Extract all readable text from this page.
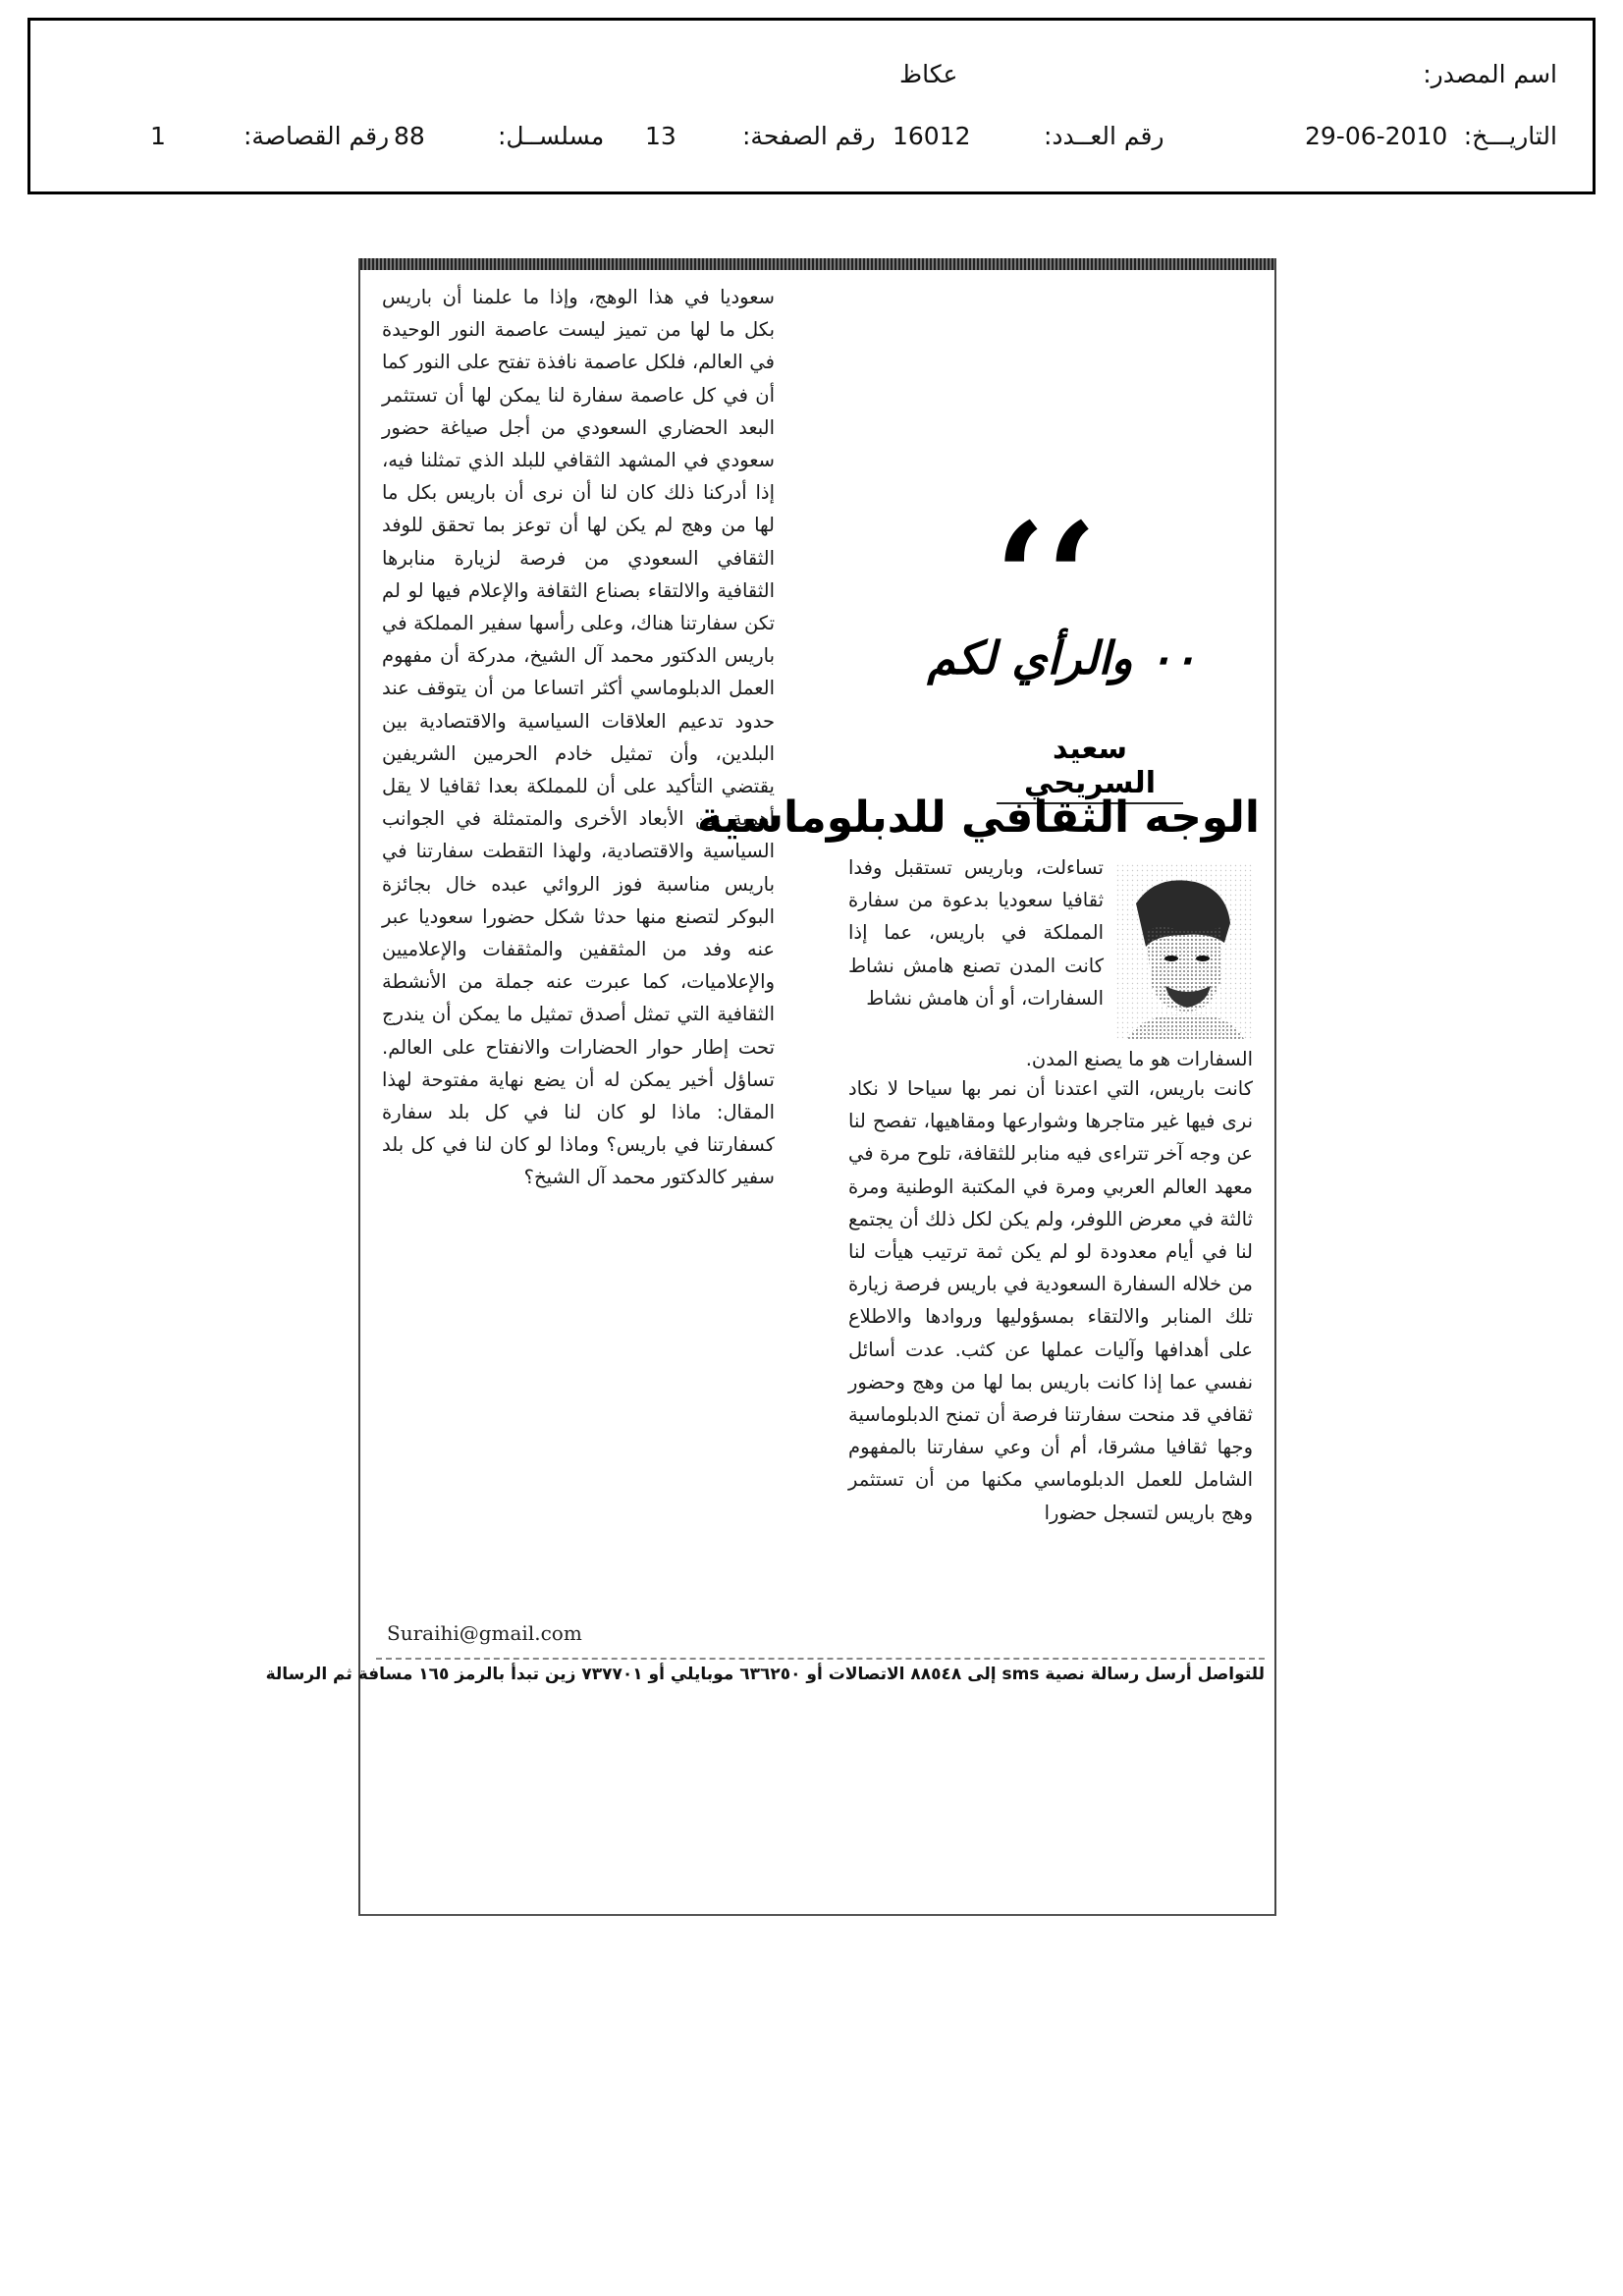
اسم المصدر:
عكاظ
التاريـــخ:
29-06-2010
رقم العــدد:
16012
رقم الصفحة:
13
مسلســل:
88
رقم القصاصة:
1
سعوديا في هذا الوهج، وإذا ما علمنا أن باريس بكل ما لها من تميز ليست عاصمة النور الوحيدة في العالم، فلكل عاصمة نافذة تفتح على النور كما أن في كل عاصمة سفارة لنا يمكن لها أن تستثمر البعد الحضاري السعودي من أجل صياغة حضور سعودي في المشهد الثقافي للبلد الذي تمثلنا فيه، إذا أدركنا ذلك كان لنا أن نرى أن باريس بكل ما لها من وهج لم يكن لها أن توعز بما تحقق للوفد الثقافي السعودي من فرصة لزيارة منابرها الثقافية والالتقاء بصناع الثقافة والإعلام فيها لو لم تكن سفارتنا هناك، وعلى رأسها سفير المملكة في باريس الدكتور محمد آل الشيخ، مدركة أن مفهوم العمل الدبلوماسي أكثر اتساعا من أن يتوقف عند حدود تدعيم العلاقات السياسية والاقتصادية بين البلدين، وأن تمثيل خادم الحرمين الشريفين يقتضي التأكيد على أن للمملكة بعدا ثقافيا لا يقل أهمية عن الأبعاد الأخرى والمتمثلة في الجوانب السياسية والاقتصادية، ولهذا التقطت سفارتنا في باريس مناسبة فوز الروائي عبده خال بجائزة البوكر لتصنع منها حدثا شكل حضورا سعوديا عبر عنه وفد من المثقفين والمثقفات والإعلاميين والإعلاميات، كما عبرت عنه جملة من الأنشطة الثقافية التي تمثل أصدق تمثيل ما يمكن أن يندرج تحت إطار حوار الحضارات والانفتاح على العالم. تساؤل أخير يمكن له أن يضع نهاية مفتوحة لهذا المقال: ماذا لو كان لنا في كل بلد سفارة كسفارتنا في باريس؟ وماذا لو كان لنا في كل بلد سفير كالدكتور محمد آل الشيخ؟
‘‘
٠٠ والرأي لكم
سعيد السريحي
الوجه الثقافي للدبلوماسية
تساءلت، وباريس تستقبل وفدا ثقافيا سعوديا بدعوة من سفارة المملكة في باريس، عما إذا كانت المدن تصنع هامش نشاط السفارات، أو أن هامش نشاط
السفارات هو ما يصنع المدن.
كانت باريس، التي اعتدنا أن نمر بها سياحا لا نكاد نرى فيها غير متاجرها وشوارعها ومقاهيها، تفصح لنا عن وجه آخر تتراءى فيه منابر للثقافة، تلوح مرة في معهد العالم العربي ومرة في المكتبة الوطنية ومرة ثالثة في معرض اللوفر، ولم يكن لكل ذلك أن يجتمع لنا في أيام معدودة لو لم يكن ثمة ترتيب هيأت لنا من خلاله السفارة السعودية في باريس فرصة زيارة تلك المنابر والالتقاء بمسؤوليها وروادها والاطلاع على أهدافها وآليات عملها عن كثب. عدت أسائل نفسي عما إذا كانت باريس بما لها من وهج وحضور ثقافي قد منحت سفارتنا فرصة أن تمنح الدبلوماسية وجها ثقافيا مشرقا، أم أن وعي سفارتنا بالمفهوم الشامل للعمل الدبلوماسي مكنها من أن تستثمر وهج باريس لتسجل حضورا
Suraihi@gmail.com
للتواصل أرسل رسالة نصية sms إلى ٨٨٥٤٨ الاتصالات أو ٦٣٦٢٥٠ موبايلي أو ٧٣٧٧٠١ زين تبدأ بالرمز ١٦٥ مسافة ثم الرسالة
